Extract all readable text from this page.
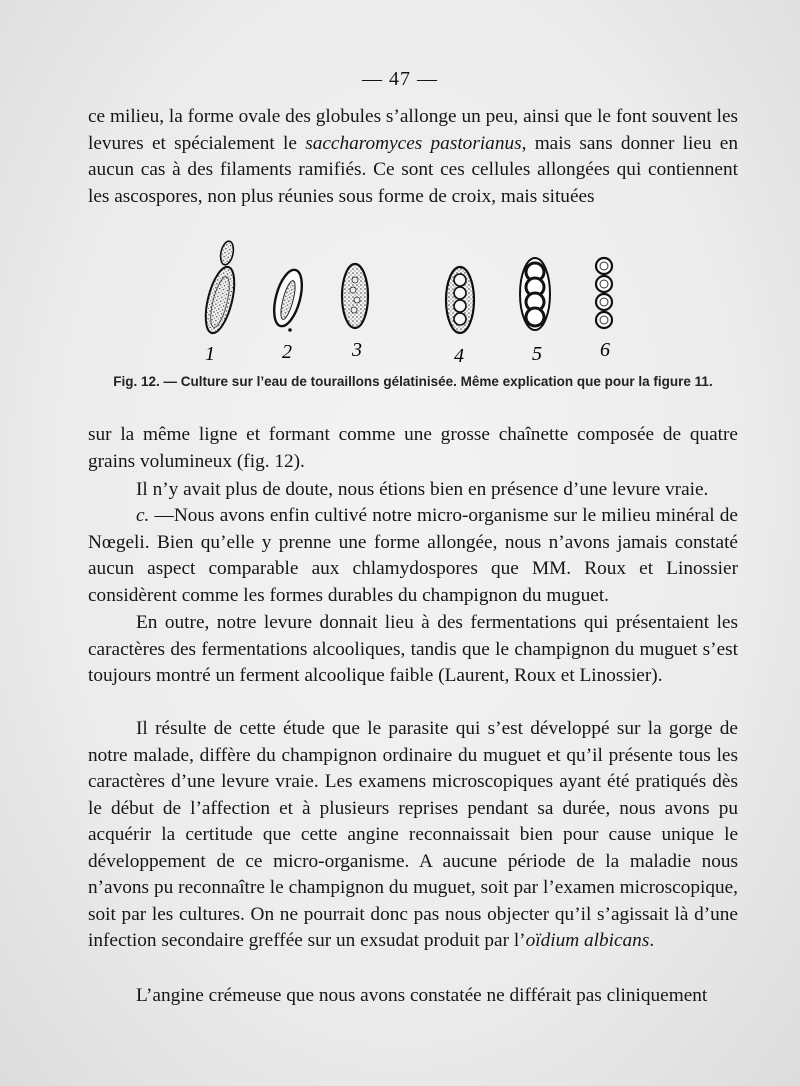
— 47 —

ce milieu, la forme ovale des globules s’allonge un peu, ainsi que le font souvent les levures et spécialement le saccharomyces pastorianus, mais sans donner lieu en aucun cas à des filaments ramifiés. Ce sont ces cellules allongées qui contiennent les ascospores, non plus réunies sous forme de croix, mais situées

1	2	3	4	5	6
Fig. 12. — Culture sur l’eau de touraillons gélatinisée. Même explication que pour la figure 11.

sur la même ligne et formant comme une grosse chaînette composée de quatre grains volumineux (fig. 12).

Il n’y avait plus de doute, nous étions bien en présence d’une levure vraie.

c. —Nous avons enfin cultivé notre micro-organisme sur le milieu minéral de Nœgeli. Bien qu’elle y prenne une forme allongée, nous n’avons jamais constaté aucun aspect comparable aux chlamydospores que MM. Roux et Linossier considèrent comme les formes durables du champignon du muguet.

En outre, notre levure donnait lieu à des fermentations qui présentaient les caractères des fermentations alcooliques, tandis que le champignon du muguet s’est toujours montré un ferment alcoolique faible (Laurent, Roux et Linossier).

Il résulte de cette étude que le parasite qui s’est développé sur la gorge de notre malade, diffère du champignon ordinaire du muguet et qu’il présente tous les caractères d’une levure vraie. Les examens microscopiques ayant été pratiqués dès le début de l’affection et à plusieurs reprises pendant sa durée, nous avons pu acquérir la certitude que cette angine reconnaissait bien pour cause unique le développement de ce micro-organisme. A aucune période de la maladie nous n’avons pu reconnaître le champignon du muguet, soit par l’examen microscopique, soit par les cultures. On ne pourrait donc pas nous objecter qu’il s’agissait là d’une infection secondaire greffée sur un exsudat produit par l’oïdium albicans.

L’angine crémeuse que nous avons constatée ne différait pas cliniquement
